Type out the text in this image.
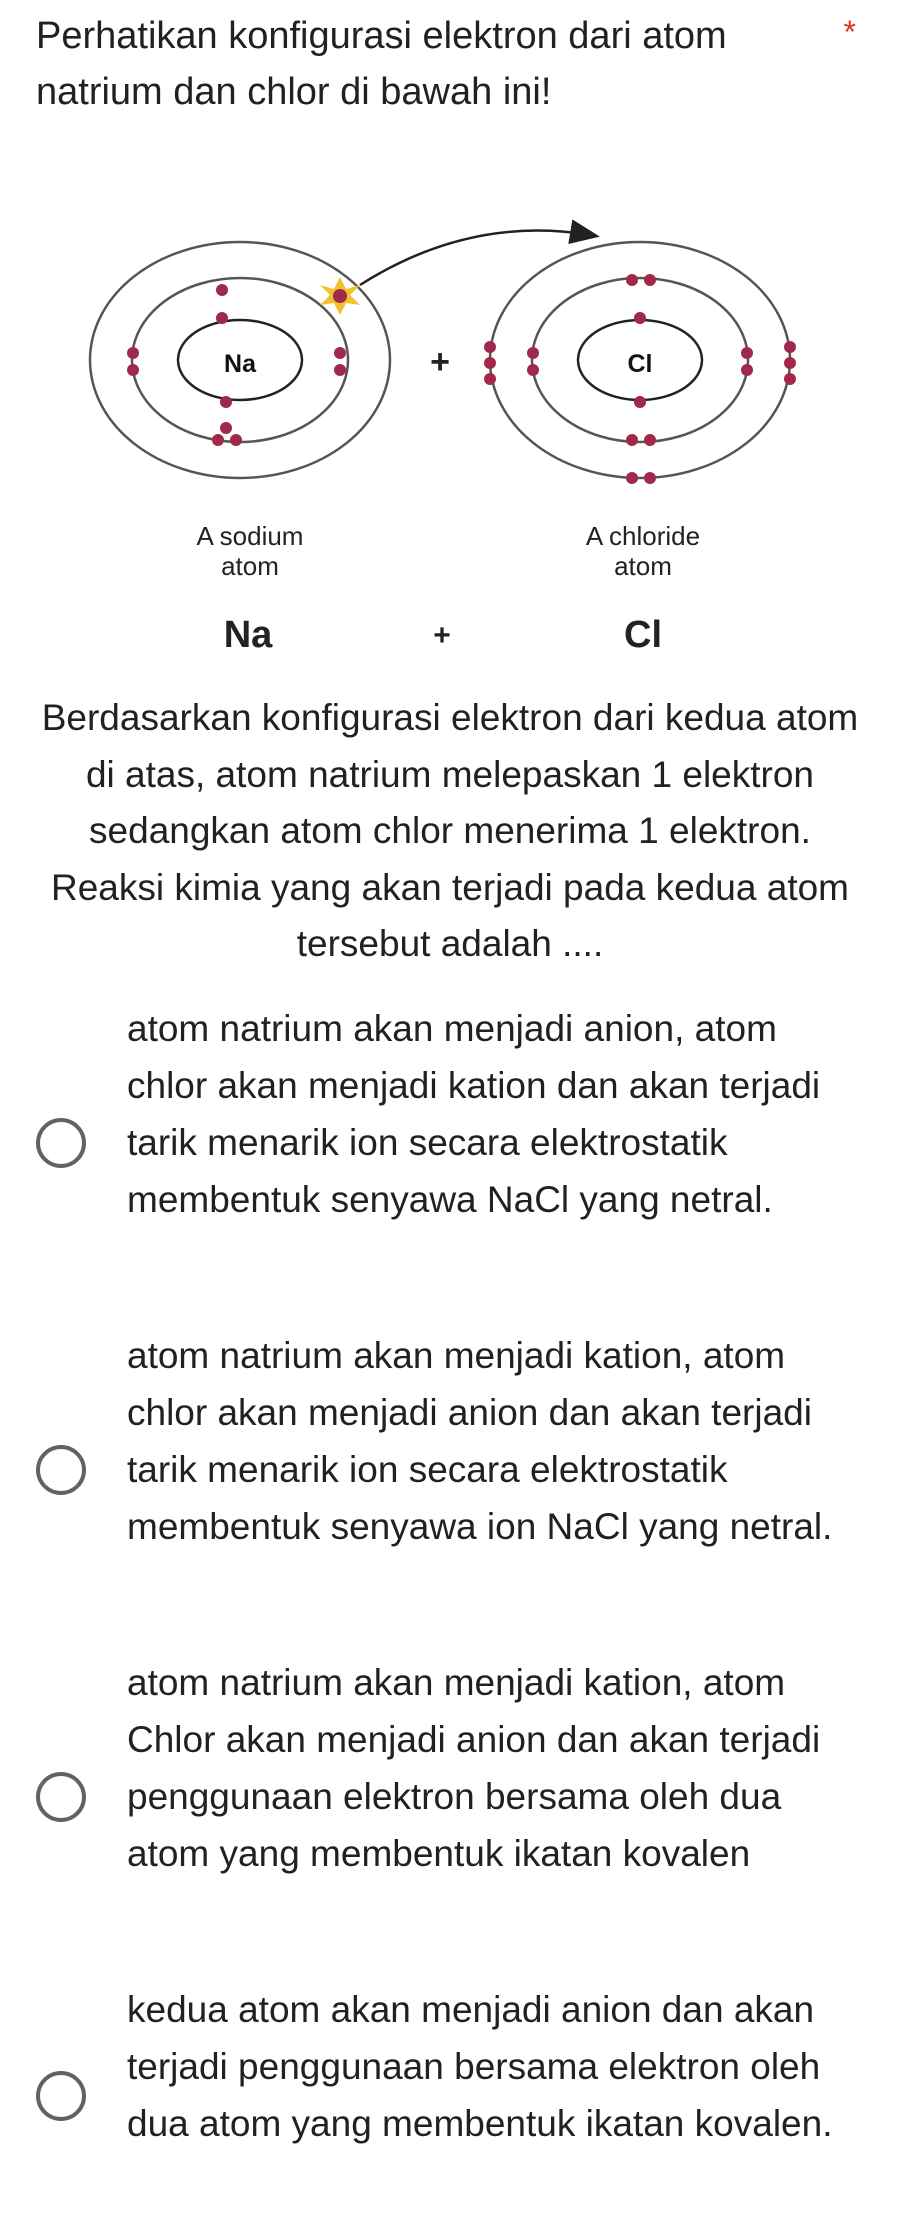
Perhatikan konfigurasi elektron dari atom natrium dan chlor di bawah ini!

*
Na	Cl
+
A sodium
atom
A chloride
atom
Na	+	Cl

Berdasarkan konfigurasi elektron dari kedua atom di atas, atom natrium melepaskan 1 elektron sedangkan atom chlor menerima 1 elektron. Reaksi kimia yang akan terjadi pada kedua atom tersebut adalah ....

atom natrium akan menjadi anion, atom chlor akan menjadi kation dan akan terjadi tarik menarik ion secara elektrostatik membentuk senyawa NaCl yang netral.

atom natrium akan menjadi kation, atom chlor akan menjadi anion dan akan terjadi tarik menarik ion secara elektrostatik membentuk senyawa ion NaCl yang netral.

atom natrium akan menjadi kation, atom Chlor akan menjadi anion dan akan terjadi penggunaan elektron bersama oleh dua atom yang membentuk ikatan kovalen

kedua atom akan menjadi anion dan akan terjadi penggunaan bersama elektron oleh dua atom yang membentuk ikatan kovalen.
